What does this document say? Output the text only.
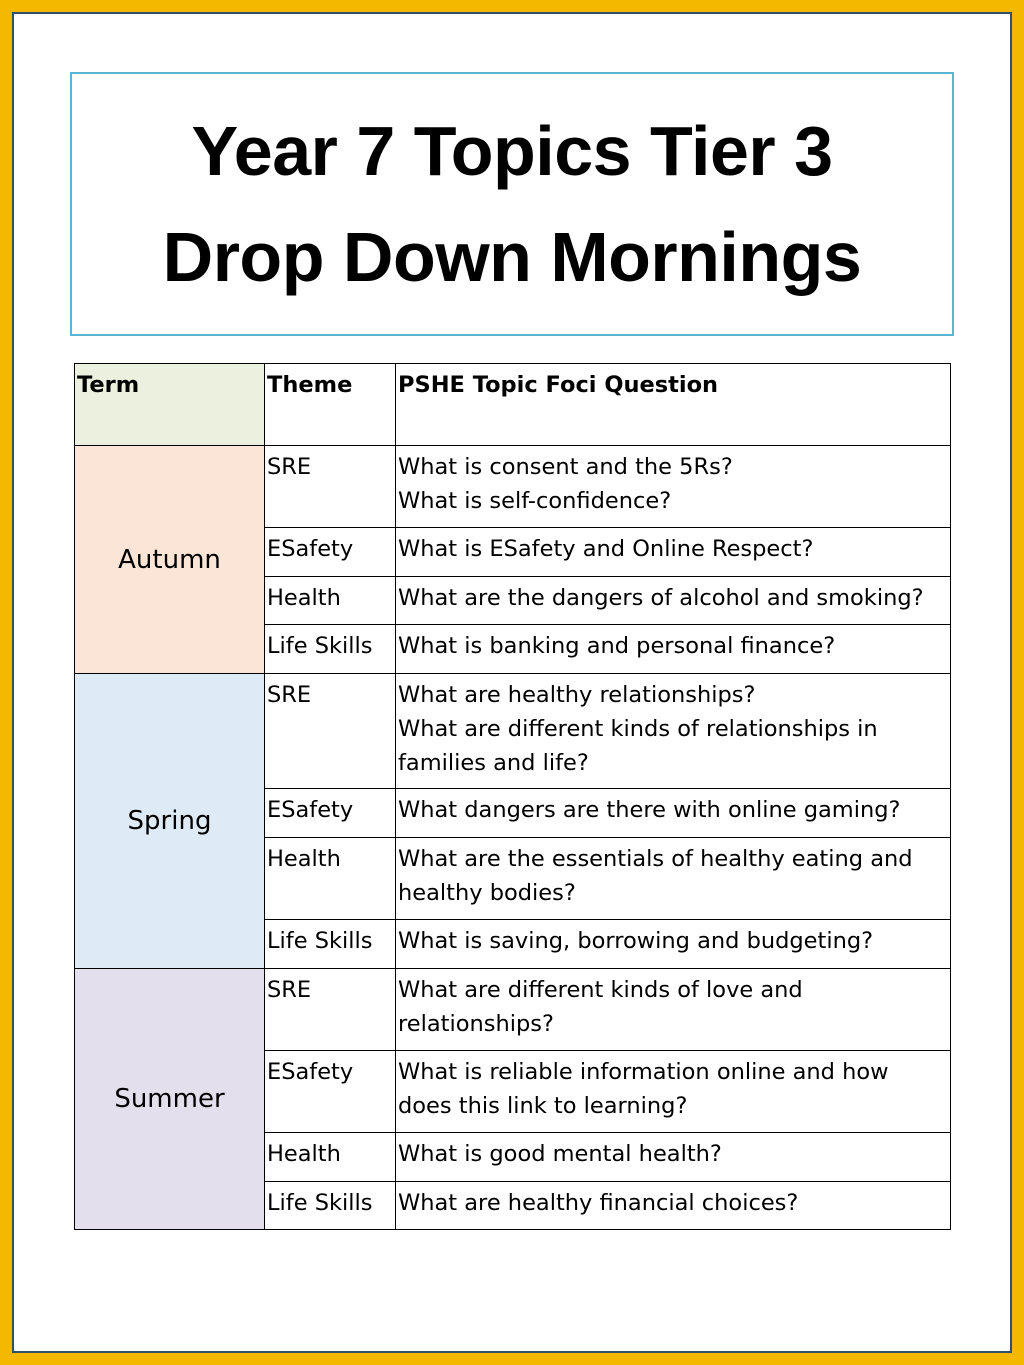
Year 7 Topics Tier 3
Drop Down Mornings
Term	Theme	PSHE Topic Foci Question
Autumn	SRE	What is consent and the 5Rs?
What is self-confidence?
	ESafety	What is ESafety and Online Respect?
	Health	What are the dangers of alcohol and smoking?
	Life Skills	What is banking and personal finance?
Spring	SRE	What are healthy relationships?
What are different kinds of relationships in families and life?
	ESafety	What dangers are there with online gaming?
	Health	What are the essentials of healthy eating and healthy bodies?
	Life Skills	What is saving, borrowing and budgeting?
Summer	SRE	What are different kinds of love and relationships?
	ESafety	What is reliable information online and how does this link to learning?
	Health	What is good mental health?
	Life Skills	What are healthy financial choices?
